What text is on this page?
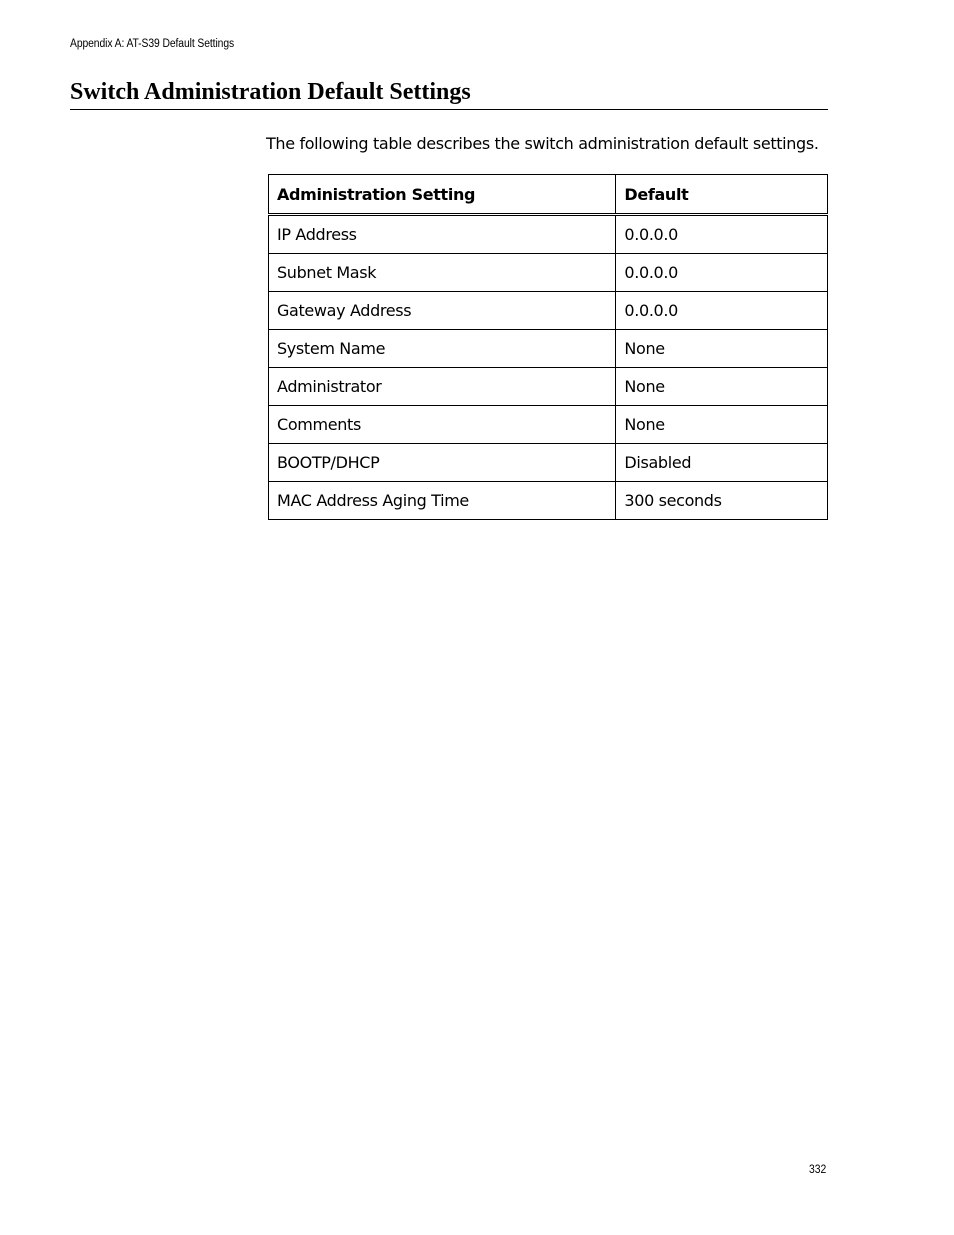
Appendix A: AT-S39 Default Settings
Switch Administration Default Settings

The following table describes the switch administration default settings.

Administration Setting	Default
IP Address	0.0.0.0
Subnet Mask	0.0.0.0
Gateway Address	0.0.0.0
System Name	None
Administrator	None
Comments	None
BOOTP/DHCP	Disabled
MAC Address Aging Time	300 seconds
332
